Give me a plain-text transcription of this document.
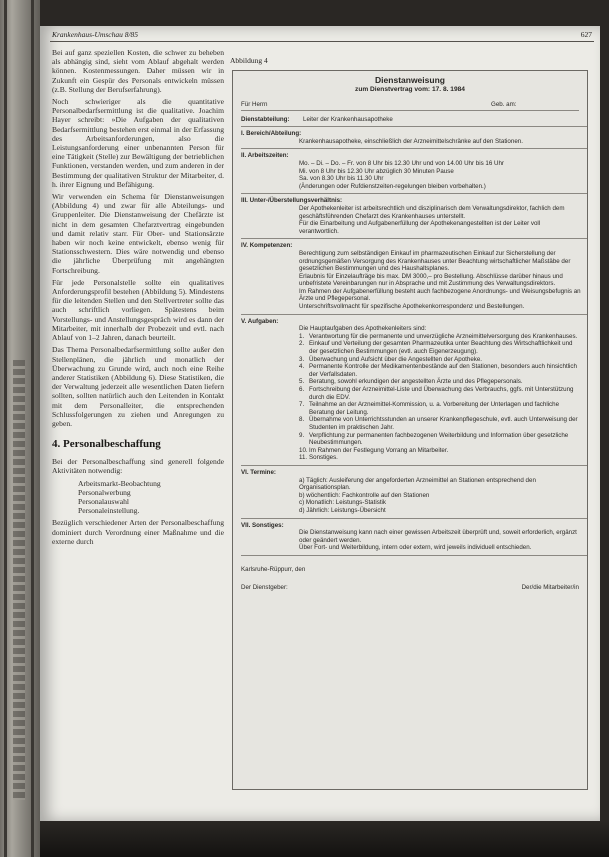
Krankenhaus-Umschau 8/85	627

Bei auf ganz speziellen Kosten, die schwer zu beheben als abhängig sind, sieht vom Ablauf abgehalt werden können. Kostenmessungen. Daher müssen wir in Zukunft ein Gespür des Personals entwickeln müssen (z.B. Stellung der Berufserfahrung).

Noch schwieriger als die quantitative Personalbedarfsermittlung ist die qualitative. Joachim Hayer schreibt: »Die Aufgaben der qualitativen Bedarfsermittlung bestehen erst einmal in der Erfassung des Arbeitsanforderungen, also die Leistungsanforderung einer unbenannten Person für eine Tätigkeit (Stelle) zur Bewältigung der betrieblichen Funktionen, verstanden werden, und zum anderen in der Bestimmung der qualitativen Struktur der Mitarbeiter, d. h. ihrer Eignung und Befähigung.

Wir verwenden ein Schema für Dienstanweisungen (Abbildung 4) und zwar für alle Abteilungs- und Gruppenleiter. Die Dienstanweisung der Chefärzte ist nicht in dem gesamten Chefarztvertrag eingebunden und damit relativ starr. Für Ober- und Stationsärzte haben wir noch keine entwickelt, ebenso wenig für Stationsschwestern. Dies wäre notwendig und ebenso die jährliche Überprüfung mit angehängten Fortschreibung.

Für jede Personalstelle sollte ein qualitatives Anforderungsprofil bestehen (Abbildung 5). Mindestens für die leitenden Stellen und den Stellvertreter sollte das auch schriftlich vorliegen. Spätestens beim Vorstellungs- und Anstellungsgespräch wird es dann der Mitarbeiter, mit innerhalb der Probezeit und evtl. nach Ablauf von 1–2 Jahren, danach beurteilt.

Das Thema Personalbedarfsermittlung sollte außer den Stellenplänen, die jährlich und monatlich der Überwachung zu Grunde wird, auch noch eine Reihe anderer Statistiken (Abbildung 6). Diese Statistiken, die der Verwaltung jederzeit alle wesentlichen Daten liefern sollten, sollten natürlich auch den Leitenden in Kontakt mit dem Personalleiter, die entsprechenden Schlussfolgerungen zu ziehen und Anregungen zu geben.

4. Personalbeschaffung

Bei der Personalbeschaffung sind generell folgende Aktivitäten notwendig:

Arbeitsmarkt-Beobachtung
Personalwerbung
Personalauswahl
Personaleinstellung.

Bezüglich verschiedener Arten der Personalbeschaffung dominiert durch Verordnung einer Maßnahme und die externe durch

Abbildung 4
Dienstanweisung
zum Dienstvertrag vom: 17. 8. 1984
Für Herrn	Geb. am:
Dienstabteilung: Leiter der Krankenhausapotheke
I. Bereich/Abteilung:
Krankenhausapotheke, einschließlich der Arzneimittelschränke auf den Stationen.
II. Arbeitszeiten:
Mo. – Di. – Do. – Fr. von 8 Uhr bis 12.30 Uhr und von 14.00 Uhr bis 16 Uhr
Mi. von 8 Uhr bis 12.30 Uhr abzüglich 30 Minuten Pause
Sa. von 8.30 Uhr bis 11.30 Uhr
(Änderungen oder Rufdienstzeiten-regelungen bleiben vorbehalten.)
III. Unter-/Überstellungsverhältnis:
Der Apothekenleiter ist arbeitsrechtlich und disziplinarisch dem Verwaltungsdirektor, fachlich dem geschäftsführenden Chefarzt des Krankenhauses unterstellt.
Für die Einarbeitung und Aufgabenerfüllung der Apothekenangestellten ist der Leiter voll verantwortlich.
IV. Kompetenzen:
Berechtigung zum selbständigen Einkauf im pharmazeutischen Einkauf zur Sicherstellung der ordnungsgemäßen Versorgung des Krankenhauses unter Beachtung wirtschaftlicher Maßstäbe der gesetzlichen Bestimmungen und des Haushaltsplanes.
Erlaubnis für Einzelaufträge bis max. DM 3000,– pro Bestellung. Abschlüsse darüber hinaus und unbefristete Vereinbarungen nur in Absprache und mit Zustimmung des Verwaltungsdirektors.
Im Rahmen der Aufgabenerfüllung besteht auch fachbezogene Anordnungs- und Weisungsbefugnis an Ärzte und Pflegepersonal.
Unterschriftsvollmacht für spezifische Apothekenkorrespondenz und Bestellungen.
V. Aufgaben:
Die Hauptaufgaben des Apothekenleiters sind:
1. Verantwortung für die permanente und unverzügliche Arzneimittelversorgung des Krankenhauses.
2. Einkauf und Verteilung der gesamten Pharmazeutika unter Beachtung des Wirtschaftlichkeit und der gesetzlichen Bestimmungen (evtl. auch Eigenerzeugung).
3. Überwachung und Aufsicht über die Angestellten der Apotheke.
4. Permanente Kontrolle der Medikamentenbestände auf den Stationen, besonders auch hinsichtlich der Verfallsdaten.
5. Beratung, sowohl erkundigen der angestellten Ärzte und des Pflegepersonals.
6. Fortschreibung der Arzneimittel-Liste und Überwachung des Verbrauchs, ggfs. mit Unterstützung durch die EDV.
7. Teilnahme an der Arzneimittel-Kommission, u. a. Vorbereitung der Unterlagen und fachliche Beratung der Leitung.
8. Übernahme von Unterrichtsstunden an unserer Krankenpflegeschule, evtl. auch Unterweisung der Studenten im praktischen Jahr.
9. Verpflichtung zur permanenten fachbezogenen Weiterbildung und Information über gesetzliche Neubestimmungen.
10. Im Rahmen der Festlegung Vorrang an Mitarbeiter.
11. Sonstiges.
VI. Termine:
a) Täglich: Ausleiferung der angeforderten Arzneimittel an Stationen entsprechend den Organisationsplan.
b) wöchentlich: Fachkontrolle auf den Stationen
c) Monatlich: Leistungs-Statistik
d) Jährlich: Leistungs-Übersicht
VII. Sonstiges:
Die Dienstanweisung kann nach einer gewissen Arbeitszeit überprüft und, soweit erforderlich, ergänzt oder geändert werden.
Über Fort- und Weiterbildung, intern oder extern, wird jeweils individuell entschieden.
Karlsruhe-Rüppurr, den
Der Dienstgeber:	Der/die Mitarbeiter/in
